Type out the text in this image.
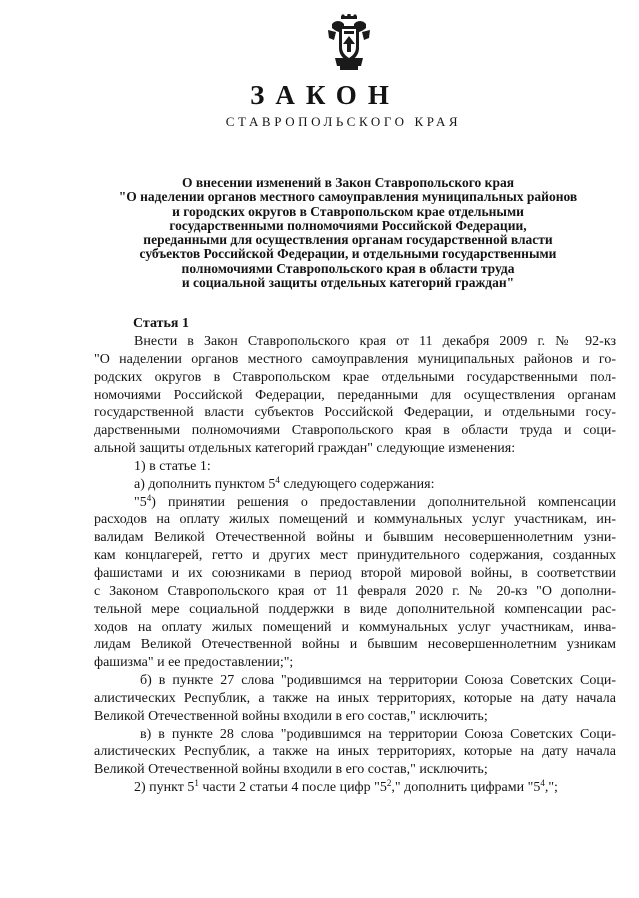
ЗАКОН
СТАВРОПОЛЬСКОГО КРАЯ
О внесении изменений в Закон Ставропольского края
"О наделении органов местного самоуправления муниципальных районов
и городских округов в Ставропольском крае отдельными
государственными полномочиями Российской Федерации,
переданными для осуществления органам государственной власти
субъектов Российской Федерации, и отдельными государственными
полномочиями Ставропольского края в области труда
и социальной защиты отдельных категорий граждан"
Статья 1
Внести в Закон Ставропольского края от 11 декабря 2009 г. № 92-кз
"О наделении органов местного самоуправления муниципальных районов и го-
родских округов в Ставропольском крае отдельными государственными пол-
номочиями Российской Федерации, переданными для осуществления органам
государственной власти субъектов Российской Федерации, и отдельными госу-
дарственными полномочиями Ставропольского края в области труда и соци-
альной защиты отдельных категорий граждан" следующие изменения:
1) в статье 1:
а) дополнить пунктом $5^4$ следующего содержания:
"$5^4$) принятии решения о предоставлении дополнительной компенсации
расходов на оплату жилых помещений и коммунальных услуг участникам, ин-
валидам Великой Отечественной войны и бывшим несовершеннолетним узни-
кам концлагерей, гетто и других мест принудительного содержания, созданных
фашистами и их союзниками в период второй мировой войны, в соответствии
с Законом Ставропольского края от 11 февраля 2020 г. № 20-кз "О дополни-
тельной мере социальной поддержки в виде дополнительной компенсации рас-
ходов на оплату жилых помещений и коммунальных услуг участникам, инва-
лидам Великой Отечественной войны и бывшим несовершеннолетним узникам
фашизма" и ее предоставлении;";
б) в пункте 27 слова "родившимся на территории Союза Советских Соци-
алистических Республик, а также на иных территориях, которые на дату начала
Великой Отечественной войны входили в его состав," исключить;
в) в пункте 28 слова "родившимся на территории Союза Советских Соци-
алистических Республик, а также на иных территориях, которые на дату начала
Великой Отечественной войны входили в его состав," исключить;
2) пункт $5^1$ части 2 статьи 4 после цифр "$5^2$," дополнить цифрами "$5^4$,";
